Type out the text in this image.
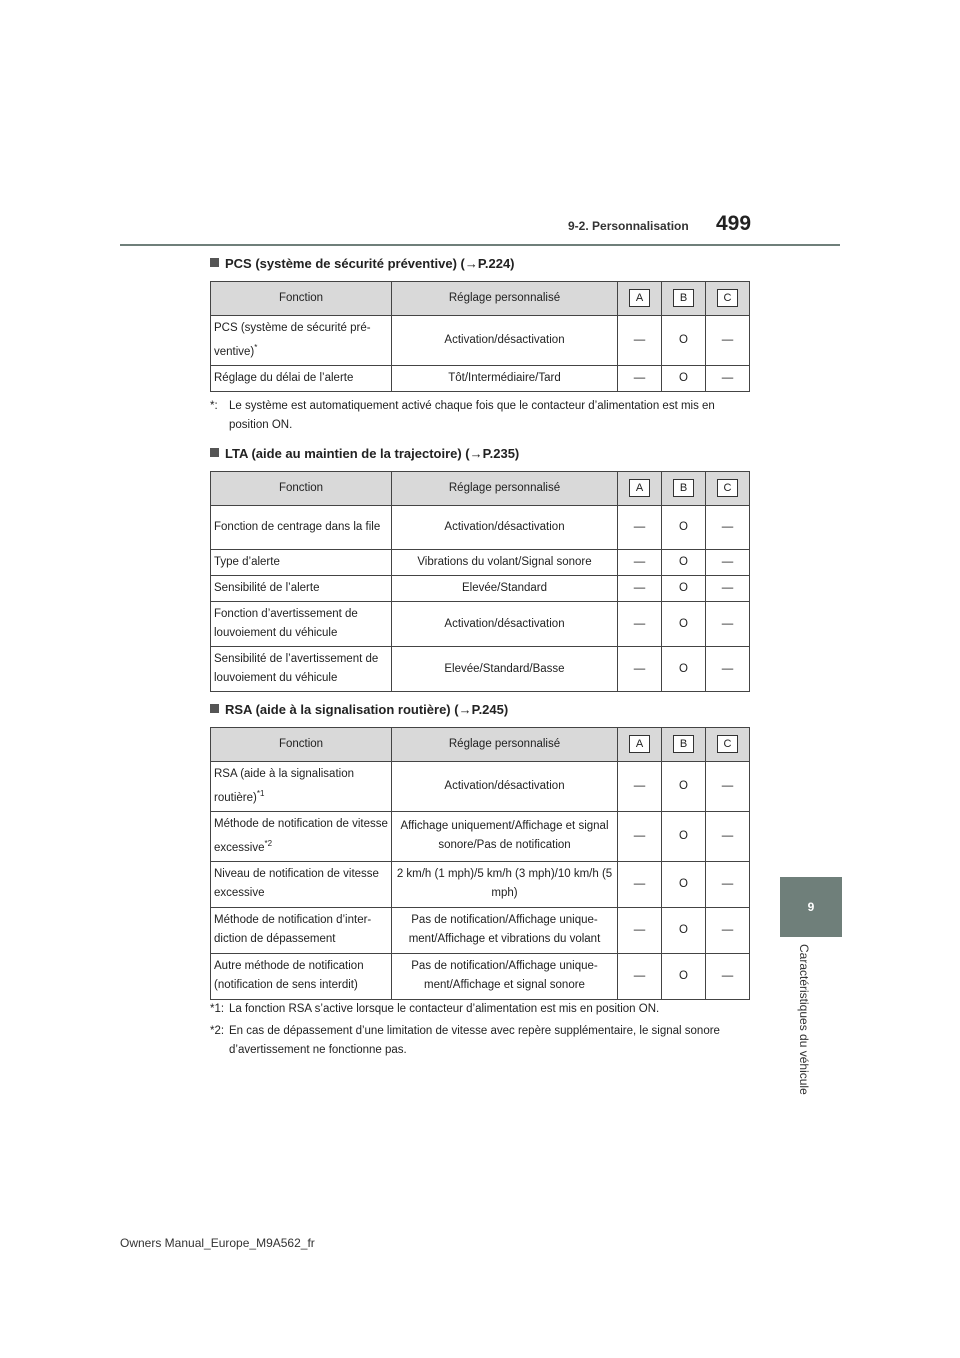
9-2. Personnalisation 499
9
Caractéristiques du véhicule
PCS (système de sécurité préventive) (→P.224)
Fonction	Réglage personnalisé	A	B	C
PCS (système de sécurité pré-ventive)*	Activation/désactivation	—	O	—
Réglage du délai de l’alerte	Tôt/Intermédiaire/Tard	—	O	—
*: Le système est automatiquement activé chaque fois que le contacteur d’alimentation est mis en position ON.
LTA (aide au maintien de la trajectoire) (→P.235)
Fonction	Réglage personnalisé	A	B	C
Fonction de centrage dans la file	Activation/désactivation	—	O	—
Type d’alerte	Vibrations du volant/Signal sonore	—	O	—
Sensibilité de l’alerte	Elevée/Standard	—	O	—
Fonction d’avertissement de louvoiement du véhicule	Activation/désactivation	—	O	—
Sensibilité de l’avertissement de louvoiement du véhicule	Elevée/Standard/Basse	—	O	—
RSA (aide à la signalisation routière) (→P.245)
Fonction	Réglage personnalisé	A	B	C
RSA (aide à la signalisation routière)$^{*1}$	Activation/désactivation	—	O	—
Méthode de notification de vitesse excessive$^{*2}$	Affichage uniquement/Affichage et signal sonore/Pas de notification	—	O	—
Niveau de notification de vitesse excessive	2 km/h (1 mph)/5 km/h (3 mph)/10 km/h (5 mph)	—	O	—
Méthode de notification d’inter-diction de dépassement	Pas de notification/Affichage unique-ment/Affichage et vibrations du volant	—	O	—
Autre méthode de notification (notification de sens interdit)	Pas de notification/Affichage unique-ment/Affichage et signal sonore	—	O	—
*1: La fonction RSA s’active lorsque le contacteur d’alimentation est mis en position ON.
*2: En cas de dépassement d’une limitation de vitesse avec repère supplémentaire, le signal sonore d’avertissement ne fonctionne pas.
Owners Manual_Europe_M9A562_fr
